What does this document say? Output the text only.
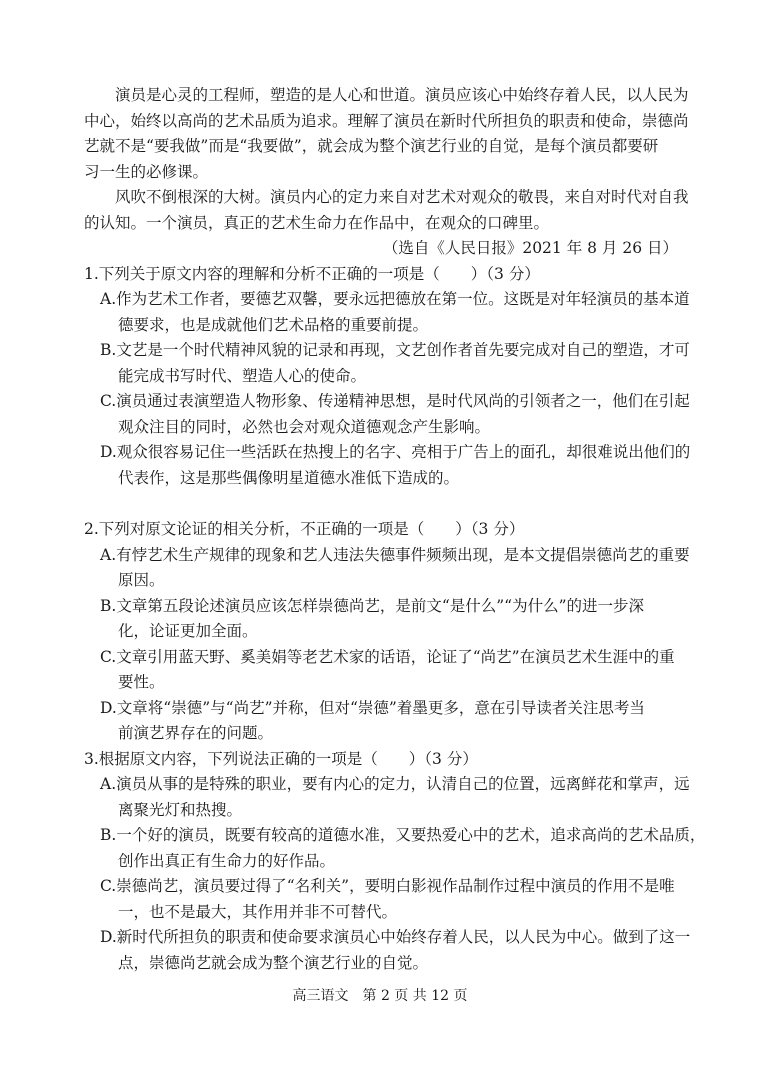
演员是心灵的工程师，塑造的是人心和世道。演员应该心中始终存着人民，以人民为

中心，始终以高尚的艺术品质为追求。理解了演员在新时代所担负的职责和使命，崇德尚

艺就不是“要我做”而是“我要做”，就会成为整个演艺行业的自觉，是每个演员都要研

习一生的必修课。

风吹不倒根深的大树。演员内心的定力来自对艺术对观众的敬畏，来自对时代对自我

的认知。一个演员，真正的艺术生命力在作品中，在观众的口碑里。

（选自《人民日报》2021 年 8 月 26 日）
1.下列关于原文内容的理解和分析不正确的一项是（　　）（3 分）

A.作为艺术工作者，要德艺双馨，要永远把德放在第一位。这既是对年轻演员的基本道

德要求，也是成就他们艺术品格的重要前提。

B.文艺是一个时代精神风貌的记录和再现，文艺创作者首先要完成对自己的塑造，才可

能完成书写时代、塑造人心的使命。

C.演员通过表演塑造人物形象、传递精神思想，是时代风尚的引领者之一，他们在引起

观众注目的同时，必然也会对观众道德观念产生影响。

D.观众很容易记住一些活跃在热搜上的名字、亮相于广告上的面孔，却很难说出他们的

代表作，这是那些偶像明星道德水准低下造成的。

2.下列对原文论证的相关分析，不正确的一项是（　　）（3 分）

A.有悖艺术生产规律的现象和艺人违法失德事件频频出现，是本文提倡崇德尚艺的重要

原因。

B.文章第五段论述演员应该怎样崇德尚艺，是前文“是什么”“为什么”的进一步深

化，论证更加全面。

C.文章引用蓝天野、奚美娟等老艺术家的话语，论证了“尚艺”在演员艺术生涯中的重

要性。

D.文章将“崇德”与“尚艺”并称，但对“崇德”着墨更多，意在引导读者关注思考当

前演艺界存在的问题。

3.根据原文内容，下列说法正确的一项是（　　）（3 分）

A.演员从事的是特殊的职业，要有内心的定力，认清自己的位置，远离鲜花和掌声，远

离聚光灯和热搜。

B.一个好的演员，既要有较高的道德水准，又要热爱心中的艺术，追求高尚的艺术品质，

创作出真正有生命力的好作品。

C.崇德尚艺，演员要过得了“名利关”，要明白影视作品制作过程中演员的作用不是唯

一，也不是最大，其作用并非不可替代。

D.新时代所担负的职责和使命要求演员心中始终存着人民，以人民为中心。做到了这一

点，崇德尚艺就会成为整个演艺行业的自觉。

高三语文　第 2 页 共 12 页
